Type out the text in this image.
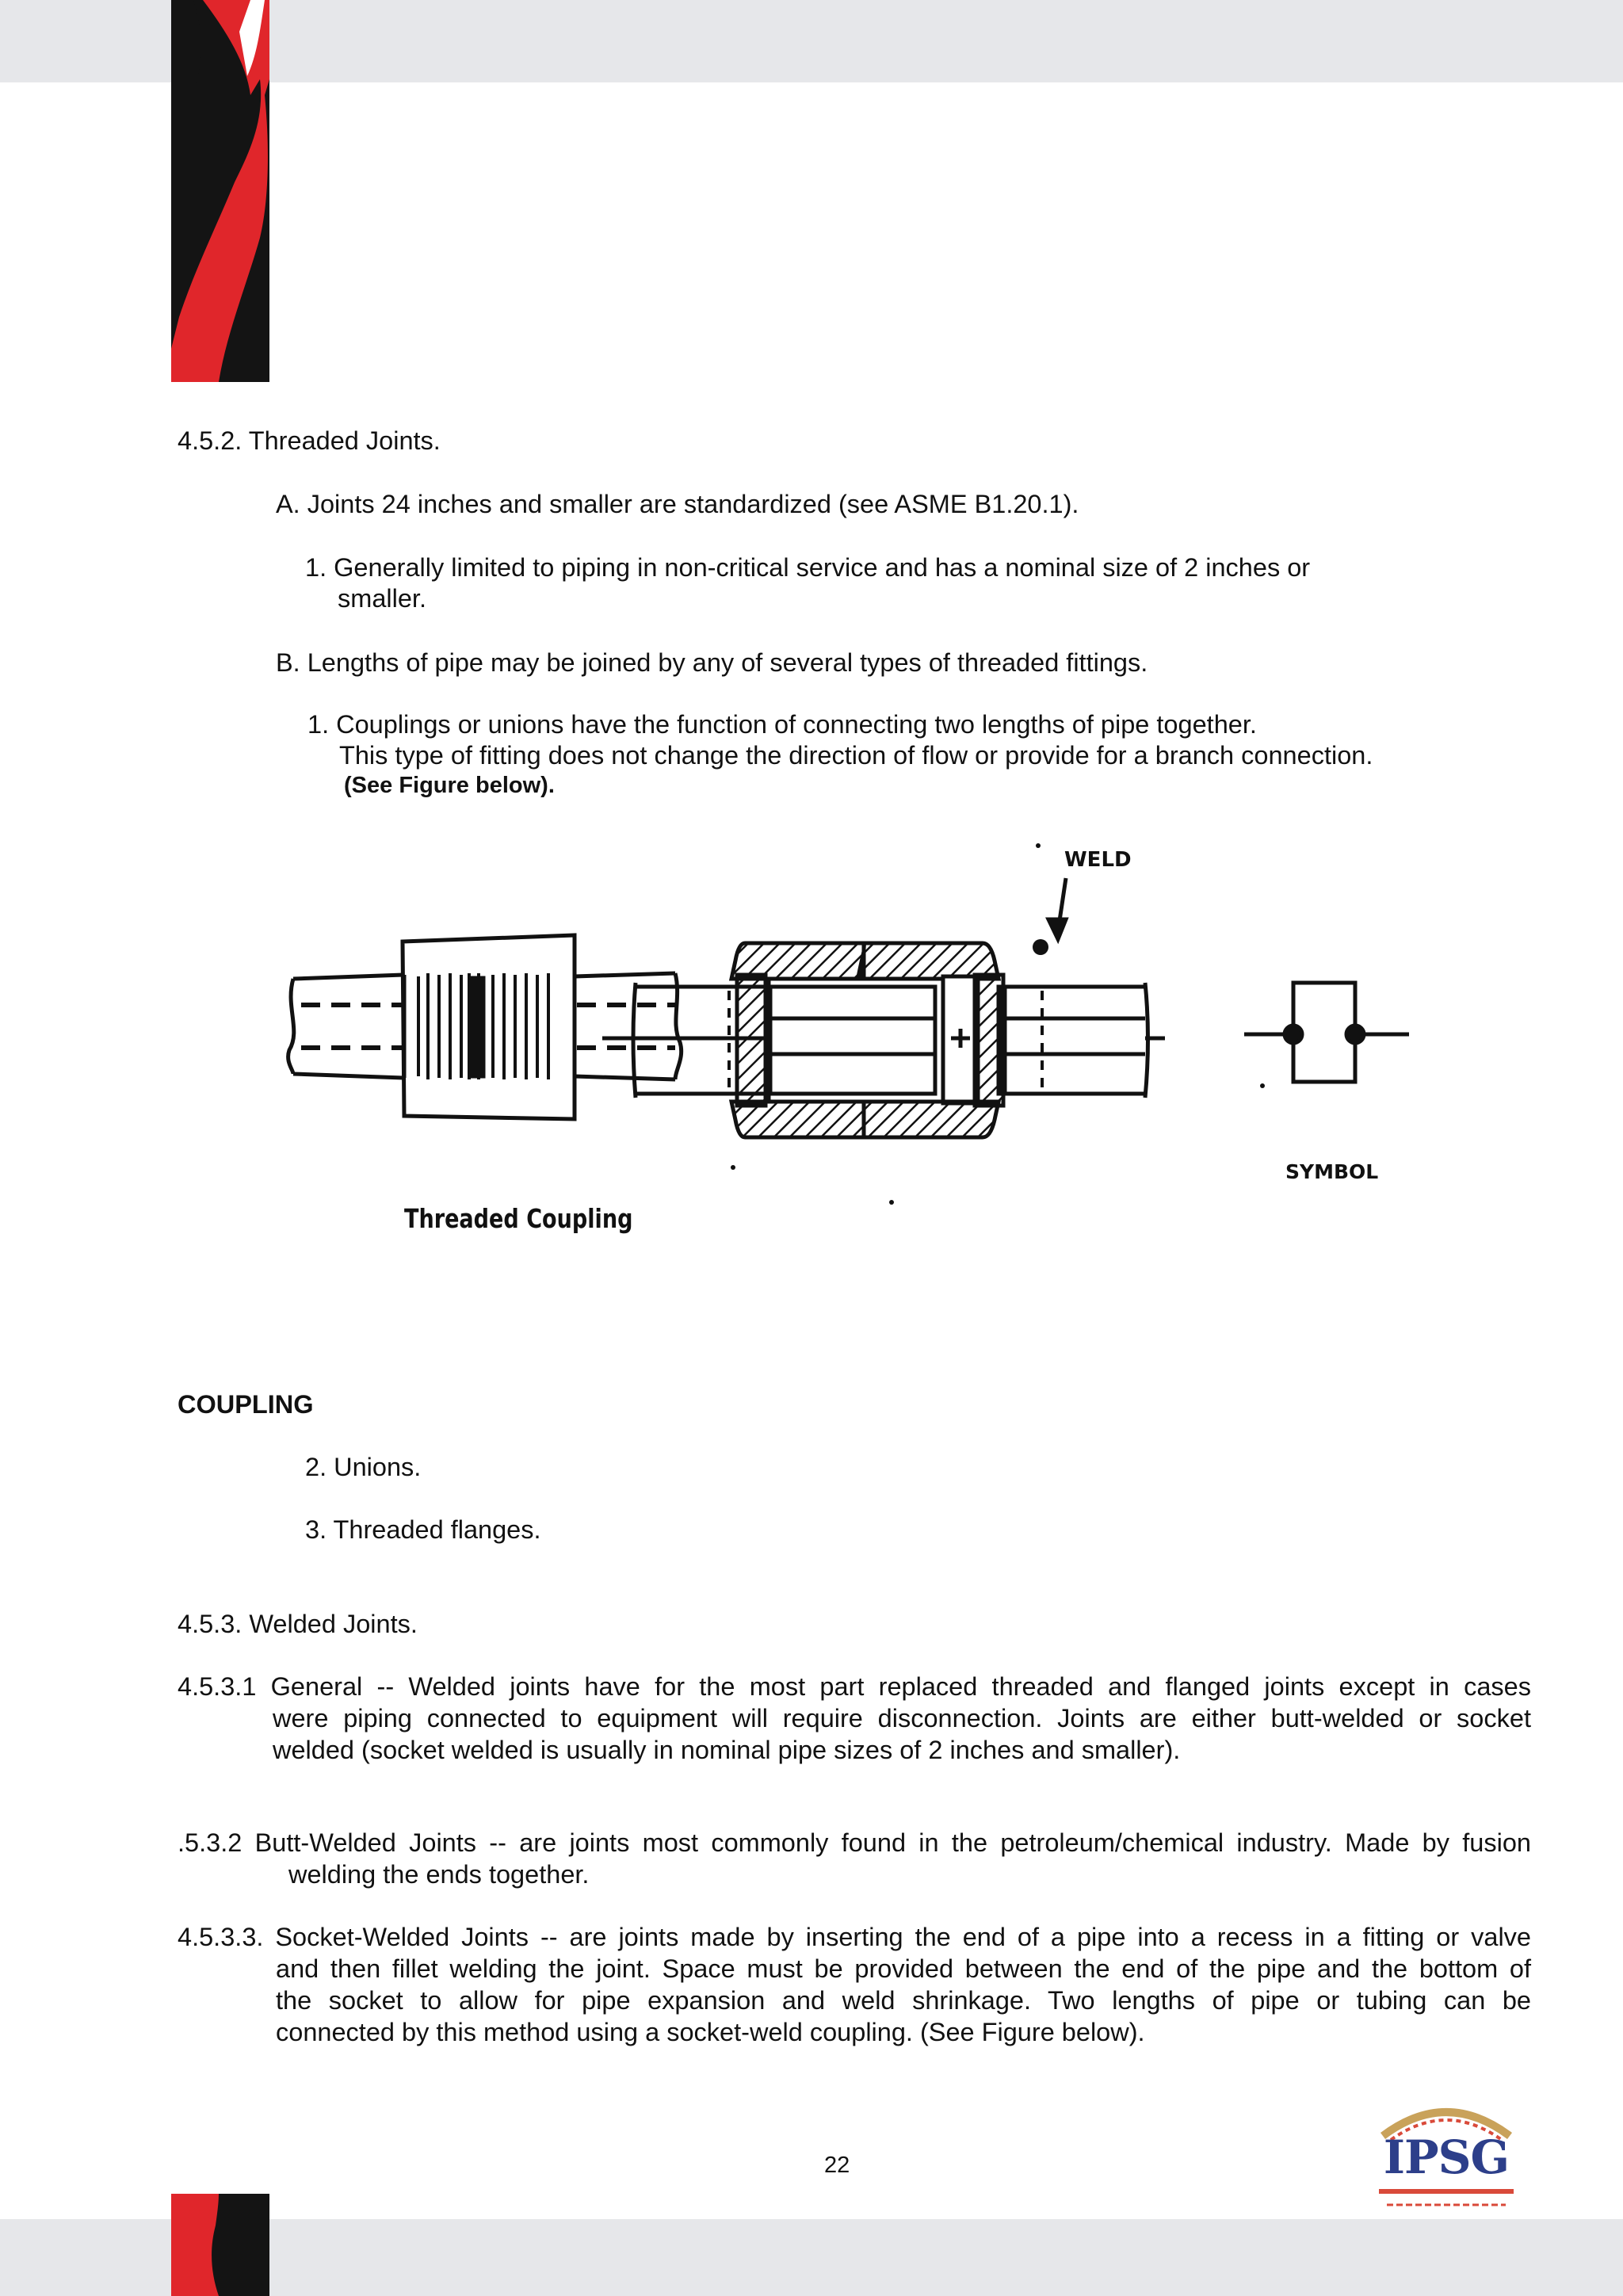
4.5.2. Threaded Joints.
A. Joints 24 inches and smaller are standardized (see ASME B1.20.1).
1. Generally limited to piping in non-critical service and has a nominal size of 2 inches or
smaller.
B. Lengths of pipe may be joined by any of several types of threaded fittings.
1. Couplings or unions have the function of connecting two lengths of pipe together.
This type of fitting does not change the direction of flow or provide for a branch connection.
(See Figure below).
WELD
SYMBOL
Threaded Coupling
COUPLING
2. Unions.
3. Threaded flanges.
4.5.3. Welded Joints.
4.5.3.1 General -- Welded joints have for the most part replaced threaded and flanged joints except in cases
were piping connected to equipment will require disconnection. Joints are either butt-welded or socket
welded (socket welded is usually in nominal pipe sizes of 2 inches and smaller).
.5.3.2 Butt-Welded Joints -- are joints most commonly found in the petroleum/chemical industry. Made by fusion
welding the ends together.
4.5.3.3. Socket-Welded Joints -- are joints made by inserting the end of a pipe into a recess in a fitting or valve
and then fillet welding the joint. Space must be provided between the end of the pipe and the bottom of
the socket to allow for pipe expansion and weld shrinkage. Two lengths of pipe or tubing can be
connected by this method using a socket-weld coupling. (See Figure below).
22	IPSG
